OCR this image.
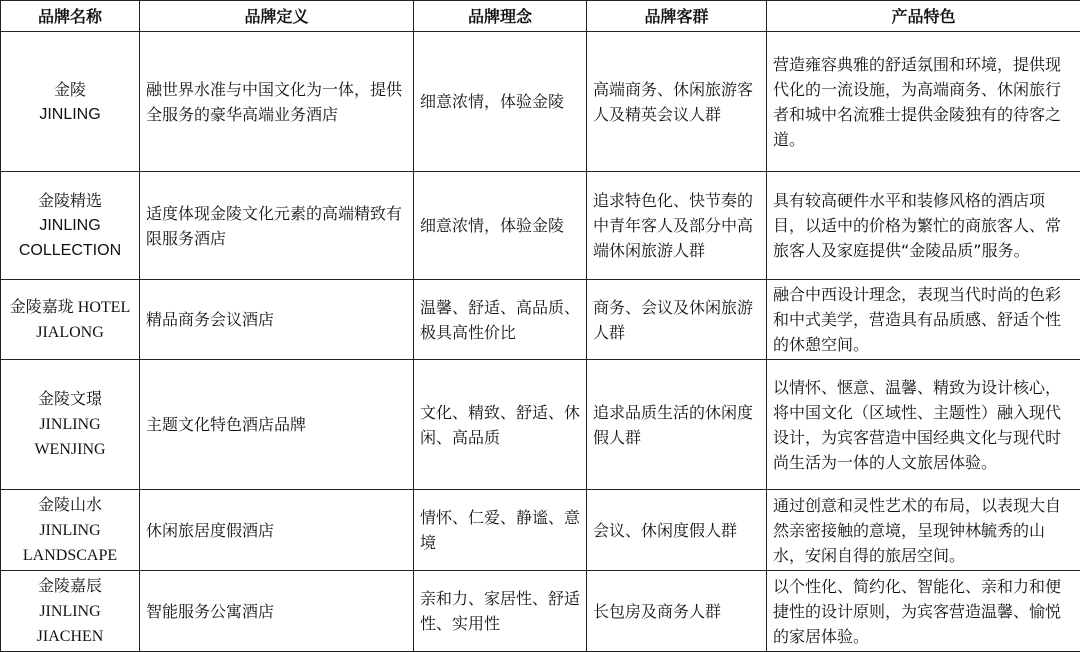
品牌名称	品牌定义	品牌理念	品牌客群	产品特色

金陵
JINLING	融世界水准与中国文化为一体，提供全服务的豪华高端业务酒店	细意浓情，体验金陵	高端商务、休闲旅游客人及精英会议人群	营造雍容典雅的舒适氛围和环境，提供现代化的一流设施，为高端商务、休闲旅行者和城中名流雅士提供金陵独有的待客之道。

金陵精选
JINLING
COLLECTION	适度体现金陵文化元素的高端精致有限服务酒店	细意浓情，体验金陵	追求特色化、快节奏的中青年客人及部分中高端休闲旅游人群	具有较高硬件水平和装修风格的酒店项目，以适中的价格为繁忙的商旅客人、常旅客人及家庭提供“金陵品质”服务。

金陵嘉珑 HOTEL
JIALONG	精品商务会议酒店	温馨、舒适、高品质、极具高性价比	商务、会议及休闲旅游人群	融合中西设计理念，表现当代时尚的色彩和中式美学，营造具有品质感、舒适个性的休憩空间。

金陵文璟
JINLING
WENJING	主题文化特色酒店品牌	文化、精致、舒适、休闲、高品质	追求品质生活的休闲度假人群	以情怀、惬意、温馨、精致为设计核心，将中国文化（区域性、主题性）融入现代设计，为宾客营造中国经典文化与现代时尚生活为一体的人文旅居体验。

金陵山水
JINLING
LANDSCAPE	休闲旅居度假酒店	情怀、仁爱、静谧、意境	会议、休闲度假人群	通过创意和灵性艺术的布局，以表现大自然亲密接触的意境，呈现钟林毓秀的山水，安闲自得的旅居空间。

金陵嘉辰
JINLING
JIACHEN	智能服务公寓酒店	亲和力、家居性、舒适性、实用性	长包房及商务人群	以个性化、简约化、智能化、亲和力和便捷性的设计原则，为宾客营造温馨、愉悦的家居体验。
